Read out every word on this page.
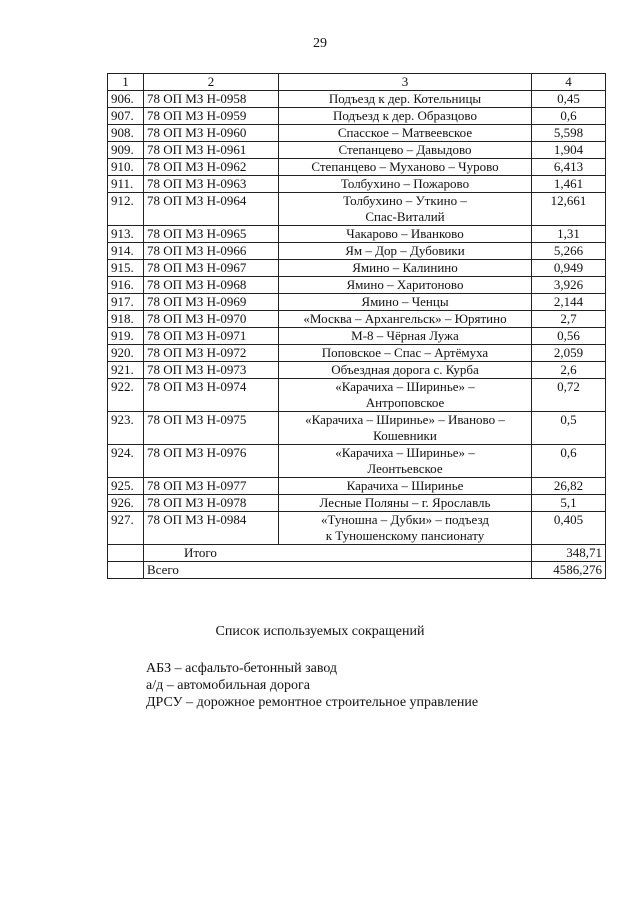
29
1	2	3	4
906.	78 ОП МЗ Н-0958	Подъезд к дер. Котельницы	0,45
907.	78 ОП МЗ Н-0959	Подъезд к дер. Образцово	0,6
908.	78 ОП МЗ Н-0960	Спасское – Матвеевское	5,598
909.	78 ОП МЗ Н-0961	Степанцево – Давыдово	1,904
910.	78 ОП МЗ Н-0962	Степанцево – Муханово – Чурово	6,413
911.	78 ОП МЗ Н-0963	Толбухино – Пожарово	1,461
912.	78 ОП МЗ Н-0964	Толбухино – Уткино –
Спас-Виталий	12,661
913.	78 ОП МЗ Н-0965	Чакарово – Иванково	1,31
914.	78 ОП МЗ Н-0966	Ям – Дор – Дубовики	5,266
915.	78 ОП МЗ Н-0967	Ямино – Калинино	0,949
916.	78 ОП МЗ Н-0968	Ямино – Харитоново	3,926
917.	78 ОП МЗ Н-0969	Ямино – Ченцы	2,144
918.	78 ОП МЗ Н-0970	«Москва – Архангельск» – Юрятино	2,7
919.	78 ОП МЗ Н-0971	М-8 – Чёрная Лужа	0,56
920.	78 ОП МЗ Н-0972	Поповское – Спас – Артёмуха	2,059
921.	78 ОП МЗ Н-0973	Объездная дорога с. Курба	2,6
922.	78 ОП МЗ Н-0974	«Карачиха – Ширинье» –
Антроповское	0,72
923.	78 ОП МЗ Н-0975	«Карачиха – Ширинье» – Иваново –
Кошевники	0,5
924.	78 ОП МЗ Н-0976	«Карачиха – Ширинье» –
Леонтьевское	0,6
925.	78 ОП МЗ Н-0977	Карачиха – Ширинье	26,82
926.	78 ОП МЗ Н-0978	Лесные Поляны – г. Ярославль	5,1
927.	78 ОП МЗ Н-0984	«Туношна – Дубки» – подъезд
к Туношенскому пансионату	0,405
	Итого		348,71
	Всего		4586,276
Список используемых сокращений
АБЗ – асфальто-бетонный завод
а/д – автомобильная дорога
ДРСУ – дорожное ремонтное строительное управление
